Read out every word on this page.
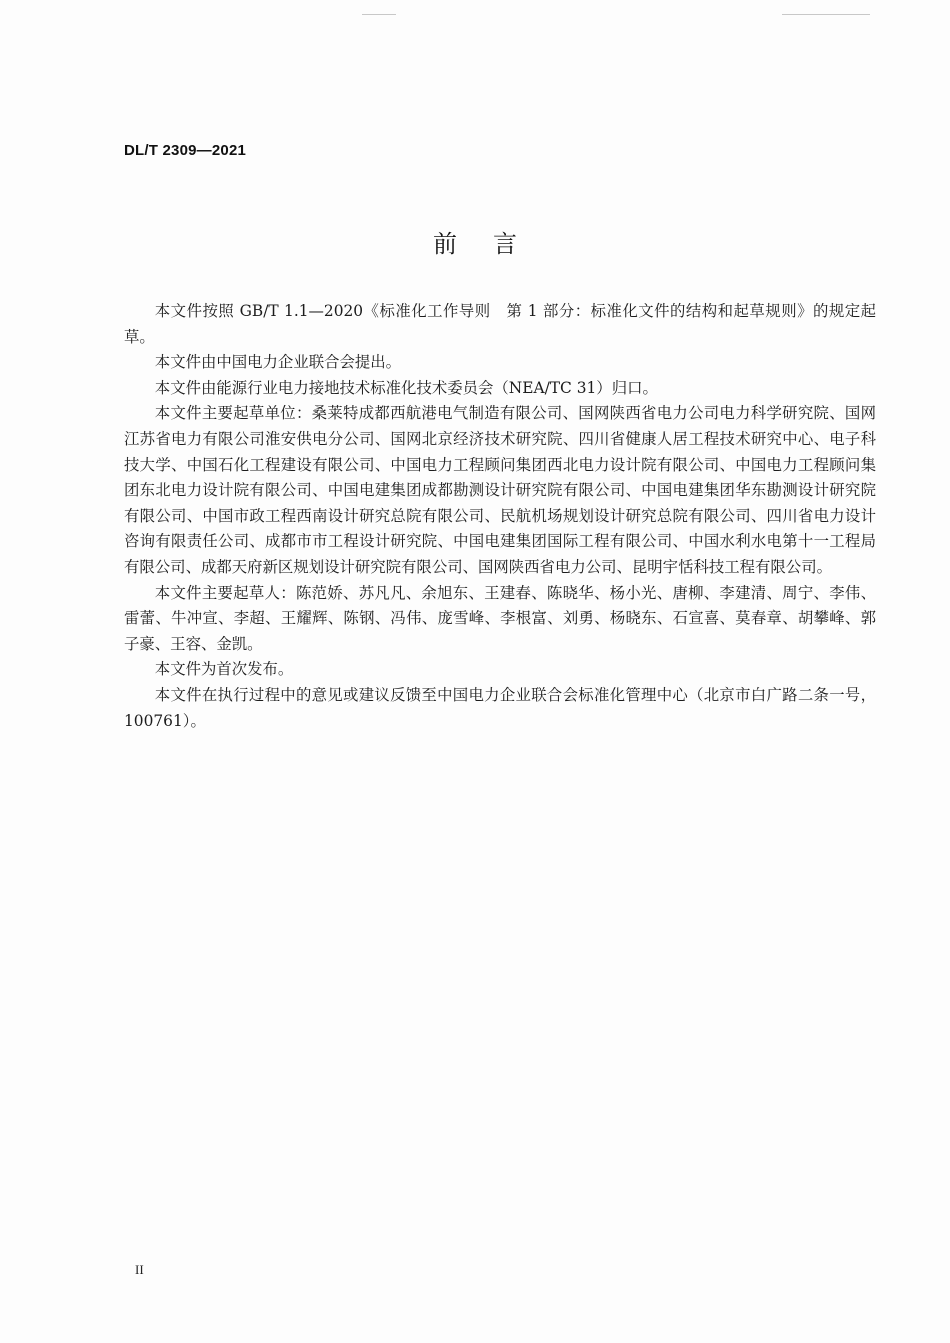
DL/T 2309—2021
前言

本文件按照 GB/T 1.1—2020《标准化工作导则　第 1 部分：标准化文件的结构和起草规则》的规定起草。

本文件由中国电力企业联合会提出。

本文件由能源行业电力接地技术标准化技术委员会（NEA/TC 31）归口。

本文件主要起草单位：桑莱特成都西航港电气制造有限公司、国网陕西省电力公司电力科学研究院、国网江苏省电力有限公司淮安供电分公司、国网北京经济技术研究院、四川省健康人居工程技术研究中心、电子科技大学、中国石化工程建设有限公司、中国电力工程顾问集团西北电力设计院有限公司、中国电力工程顾问集团东北电力设计院有限公司、中国电建集团成都勘测设计研究院有限公司、中国电建集团华东勘测设计研究院有限公司、中国市政工程西南设计研究总院有限公司、民航机场规划设计研究总院有限公司、四川省电力设计咨询有限责任公司、成都市市工程设计研究院、中国电建集团国际工程有限公司、中国水利水电第十一工程局有限公司、成都天府新区规划设计研究院有限公司、国网陕西省电力公司、昆明宇恬科技工程有限公司。

本文件主要起草人：陈范娇、苏凡凡、余旭东、王建春、陈晓华、杨小光、唐柳、李建清、周宁、李伟、雷蕾、牛冲宣、李超、王耀辉、陈钢、冯伟、庞雪峰、李根富、刘勇、杨晓东、石宣喜、莫春章、胡攀峰、郭子豪、王容、金凯。

本文件为首次发布。

本文件在执行过程中的意见或建议反馈至中国电力企业联合会标准化管理中心（北京市白广路二条一号，100761）。

II
